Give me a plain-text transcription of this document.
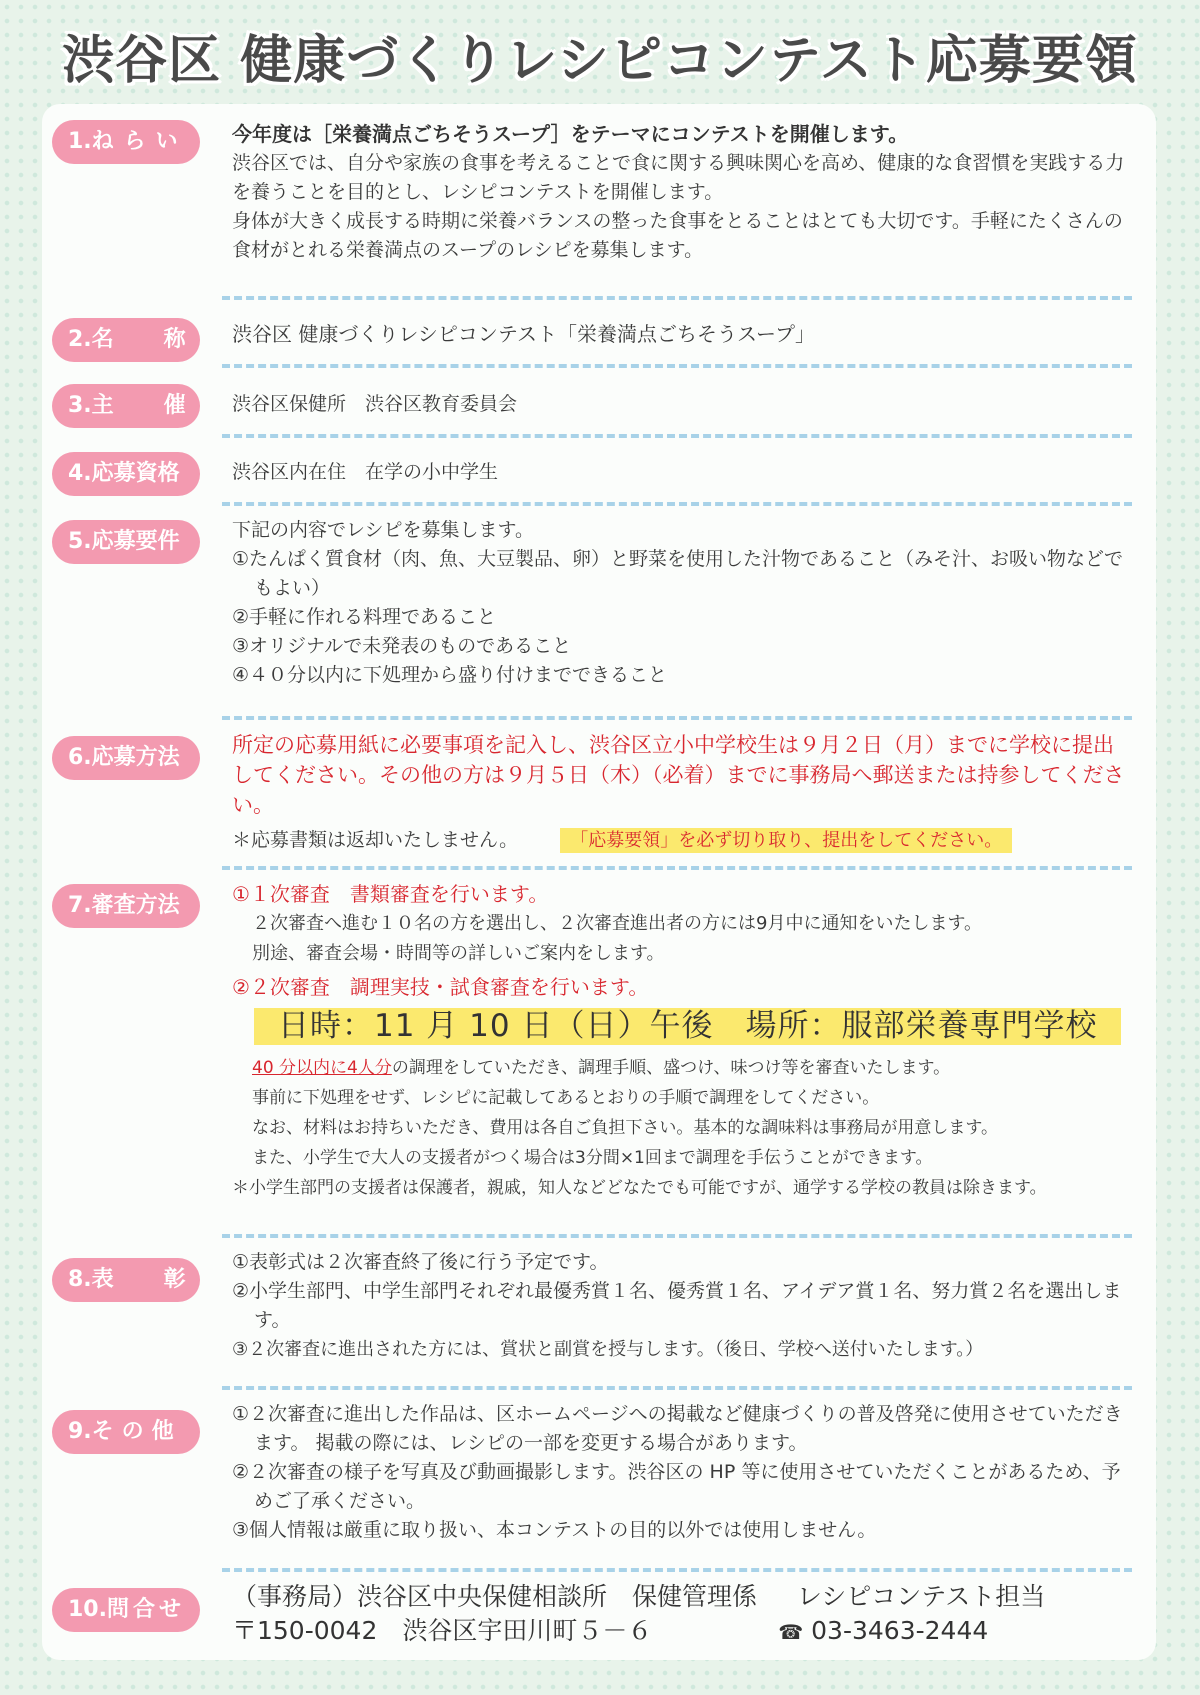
渋谷区 健康づくりレシピコンテスト応募要領
1.ねらい	今年度は［栄養満点ごちそうスープ］をテーマにコンテストを開催します。
渋谷区では、自分や家族の食事を考えることで食に関する興味関心を高め、健康的な食習慣を実践する力を養うことを目的とし、レシピコンテストを開催します。
身体が大きく成長する時期に栄養バランスの整った食事をとることはとても大切です。手軽にたくさんの食材がとれる栄養満点のスープのレシピを募集します。
2.名　称 渋谷区 健康づくりレシピコンテスト「栄養満点ごちそうスープ」
3.主　催 渋谷区保健所　渋谷区教育委員会
4.応募資格	渋谷区内在住　在学の小中学生
5.応募要件	下記の内容でレシピを募集します。
①たんぱく質食材（肉、魚、大豆製品、卵）と野菜を使用した汁物であること（みそ汁、お吸い物などでもよい）
②手軽に作れる料理であること
③オリジナルで未発表のものであること
④４０分以内に下処理から盛り付けまでできること
6.応募方法	所定の応募用紙に必要事項を記入し、渋谷区立小中学校生は９月２日（月）までに学校に提出してください。その他の方は９月５日（木）（必着）までに事務局へ郵送または持参してください。
＊応募書類は返却いたしません。	「応募要領」を必ず切り取り、提出をしてください。
7.審査方法	①１次審査　書類審査を行います。
２次審査へ進む１０名の方を選出し、２次審査進出者の方には9月中に通知をいたします。
別途、審査会場・時間等の詳しいご案内をします。
②２次審査　調理実技・試食審査を行います。
日時：11 月 10 日（日）午後　場所：服部栄養専門学校
40 分以内に4人分の調理をしていただき、調理手順、盛つけ、味つけ等を審査いたします。
事前に下処理をせず、レシピに記載してあるとおりの手順で調理をしてください。
なお、材料はお持ちいただき、費用は各自ご負担下さい。基本的な調味料は事務局が用意します。
また、小学生で大人の支援者がつく場合は3分間×1回まで調理を手伝うことができます。
＊小学生部門の支援者は保護者，親戚，知人などどなたでも可能ですが、通学する学校の教員は除きます。
8.表　彰
①表彰式は２次審査終了後に行う予定です。
②小学生部門、中学生部門それぞれ最優秀賞１名、優秀賞１名、アイデア賞１名、努力賞２名を選出します。
③２次審査に進出された方には、賞状と副賞を授与します。（後日、学校へ送付いたします。）
9.その他
①２次審査に進出した作品は、区ホームページへの掲載など健康づくりの普及啓発に使用させていただきます。 掲載の際には、レシピの一部を変更する場合があります。
②２次審査の様子を写真及び動画撮影します。渋谷区の HP 等に使用させていただくことがあるため、予めご了承ください。
③個人情報は厳重に取り扱い、本コンテストの目的以外では使用しません。
10.問合せ	（事務局）渋谷区中央保健相談所　保健管理係 レシピコンテスト担当
〒150-0042　渋谷区宇田川町５－６	☎ 03-3463-2444
